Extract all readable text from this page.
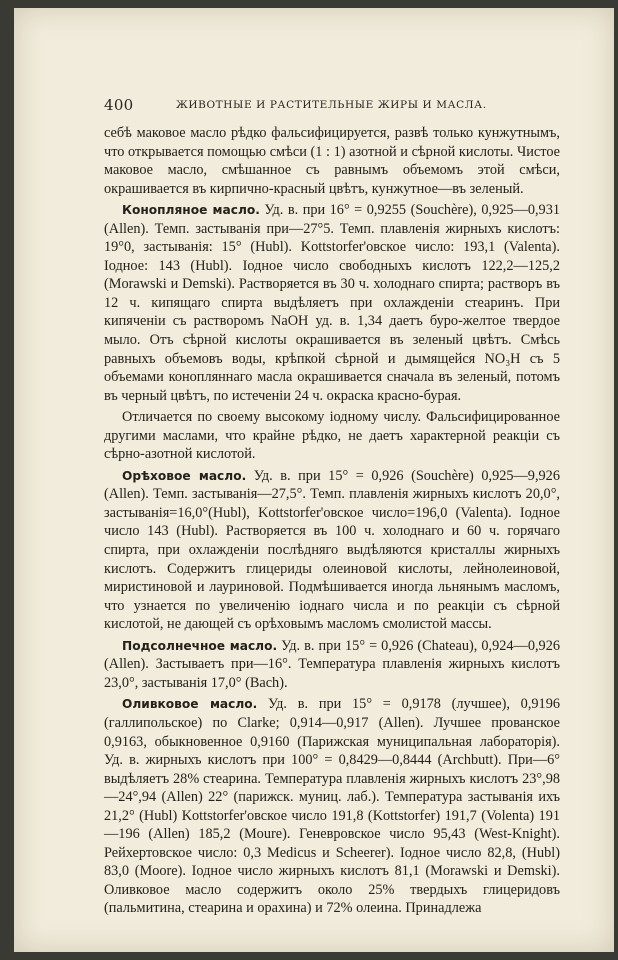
400	ЖИВОТНЫЕ И РАСТИТЕЛЬНЫЕ ЖИРЫ И МАСЛА.

себѣ маковое масло рѣдко фальсифицируется, развѣ только кунжутнымъ, что открывается помощью смѣси (1 : 1) азотной и сѣрной кислоты. Чистое маковое масло, смѣшанное съ равнымъ объемомъ этой смѣси, окрашивается въ кирпично-красный цвѣтъ, кунжутное—въ зеленый.

Конопляное масло. Уд. в. при 16° = 0,9255 (Souchère), 0,925—0,931 (Allen). Темп. застыванія при—27°5. Темп. плавленія жирныхъ кислотъ: 19°0, застыванія: 15° (Hubl). Kottstorfer'овское число: 193,1 (Valenta). Іодное: 143 (Hubl). Іодное число свободныхъ кислотъ 122,2—125,2 (Morawski и Demski). Растворяется въ 30 ч. холоднаго спирта; растворъ въ 12 ч. кипящаго спирта выдѣляетъ при охлажденіи стеаринъ. При кипяченіи съ растворомъ NaOH уд. в. 1,34 даетъ буро-желтое твердое мыло. Отъ сѣрной кислоты окрашивается въ зеленый цвѣтъ. Смѣсь равныхъ объемовъ воды, крѣпкой сѣрной и дымящейся NO₃H съ 5 объемами конопляннаго масла окрашивается сначала въ зеленый, потомъ въ черный цвѣтъ, по истеченіи 24 ч. окраска красно-бурая.

Отличается по своему высокому іодному числу. Фальсифицированное другими маслами, что крайне рѣдко, не даетъ характерной реакціи съ сѣрно-азотной кислотой.

Орѣховое масло. Уд. в. при 15° = 0,926 (Souchère) 0,925—9,926 (Allen). Темп. застыванія—27,5°. Темп. плавленія жирныхъ кислотъ 20,0°, застыванія=16,0°(Hubl), Kottstorfer'овское число=196,0 (Valenta). Іодное число 143 (Hubl). Растворяется въ 100 ч. холоднаго и 60 ч. горячаго спирта, при охлажденіи послѣдняго выдѣляются кристаллы жирныхъ кислотъ. Содержитъ глицериды олеиновой кислоты, лейнолеиновой, миристиновой и лауриновой. Подмѣшивается иногда льнянымъ масломъ, что узнается по увеличенію іоднаго числа и по реакціи съ сѣрной кислотой, не дающей съ орѣховымъ масломъ смолистой массы.

Подсолнечное масло. Уд. в. при 15° = 0,926 (Chateau), 0,924—0,926 (Allen). Застываетъ при—16°. Температура плавленія жирныхъ кислотъ 23,0°, застыванія 17,0° (Bach).

Оливковое масло. Уд. в. при 15° = 0,9178 (лучшее), 0,9196 (галлипольское) по Clarke; 0,914—0,917 (Allen). Лучшее прованское 0,9163, обыкновенное 0,9160 (Парижская муниципальная лабораторія). Уд. в. жирныхъ кислотъ при 100° = 0,8429—0,8444 (Archbutt). При—6° выдѣляетъ 28% стеарина. Температура плавленія жирныхъ кислотъ 23°,98—24°,94 (Allen) 22° (парижск. муниц. лаб.). Температура застыванія ихъ 21,2° (Hubl) Kottstorfer'овское число 191,8 (Kottstorfer) 191,7 (Volenta) 191—196 (Allen) 185,2 (Moure). Геневровское число 95,43 (West-Knight). Рейхертовское число: 0,3 Medicus и Scheerer). Іодное число 82,8, (Hubl) 83,0 (Moore). Іодное число жирныхъ кислотъ 81,1 (Morawski и Demski). Оливковое масло содержитъ около 25% твердыхъ глицеридовъ (пальмитина, стеарина и орахина) и 72% олеина. Принадлежа
